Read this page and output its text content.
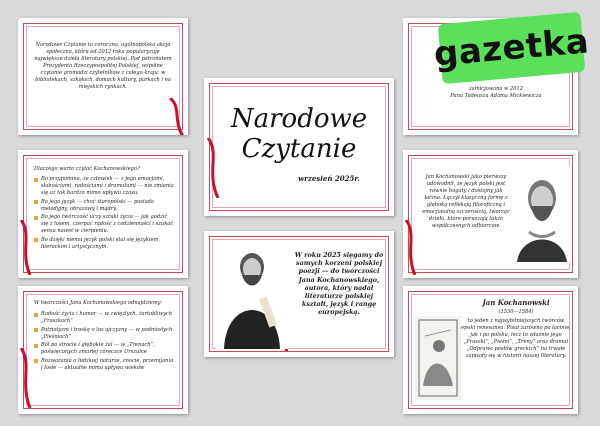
Narodowe Czytanie to coroczna, ogólnopolska akcja społeczna, która od 2012 roku popularyzuje największe dzieła literatury polskiej. Pod patronatem Prezydenta Rzeczypospolitej Polskiej, wspólne czytanie gromadzi czytelników z całego kraju: w bibliotekach, szkołach, domach kultury, parkach i na miejskich rynkach.
Narodowe
Czytanie
wrzesień 2025r.
zainicjowana w 2012
Pana Tadeusza Adama Mickiewicza
gazetka
Dlaczego warto czytać Kochanowskiego?
Bo przypomina, że człowiek — z jego emocjami, słabościami, radościami i dramatami — nie zmienia się aż tak bardzo mimo upływu czasu.
Bo jego język — choć staropolski — posiada melodyjny, obrazowy i mądry.
Bo jego twórczość uczy sztuki życia — jak godzić się z losem, czerpać radość z codzienności i szukać sensu nawet w cierpieniu.
Bo dzięki niemu język polski stał się językiem literackim i artystycznym.
Jan Kochanowski jako pierwszy udowodnił, że język polski jest równie bogaty i dostojny jak łacina. Łączył klasyczną formę z głęboką refleksją filozoficzną i emocjonalną szczerością, tworząc dzieła, które poruszają także współczesnych odbiorców.
W roku 2025 sięgamy do samych korzeni polskiej poezji — do twórczości Jana Kochanowskiego, autora, który nadał literaturze polskiej kształt, język i rangę europejską.
W twórczości Jana Kochanowskiego odnajdziemy:
Radość życia i humor — w zwięzłych, żartobliwych „Fraszkach”
Patriotyzm i troskę o los ojczyzny — w podniosłych „Pieśniach”
Ból po stracie i głębokie żal — w „Trenach”, poświęconych zmarłej córeczce Urszulce
Rozważania o ludzkiej naturze, cnocie, przemijaniu i losie — aktualne mimo upływu wieków
Jan Kochanowski
(1530—1584)
to jeden z najwybitniejszych twórców epoki renesansu. Pisał zarówno po łacinie, jak i po polsku, lecz to właśnie jego „Fraszki”, „Pieśni”, „Treny” oraz dramat „Odprawa posłów greckich” na trwałe zapisały się w historii naszej literatury.
